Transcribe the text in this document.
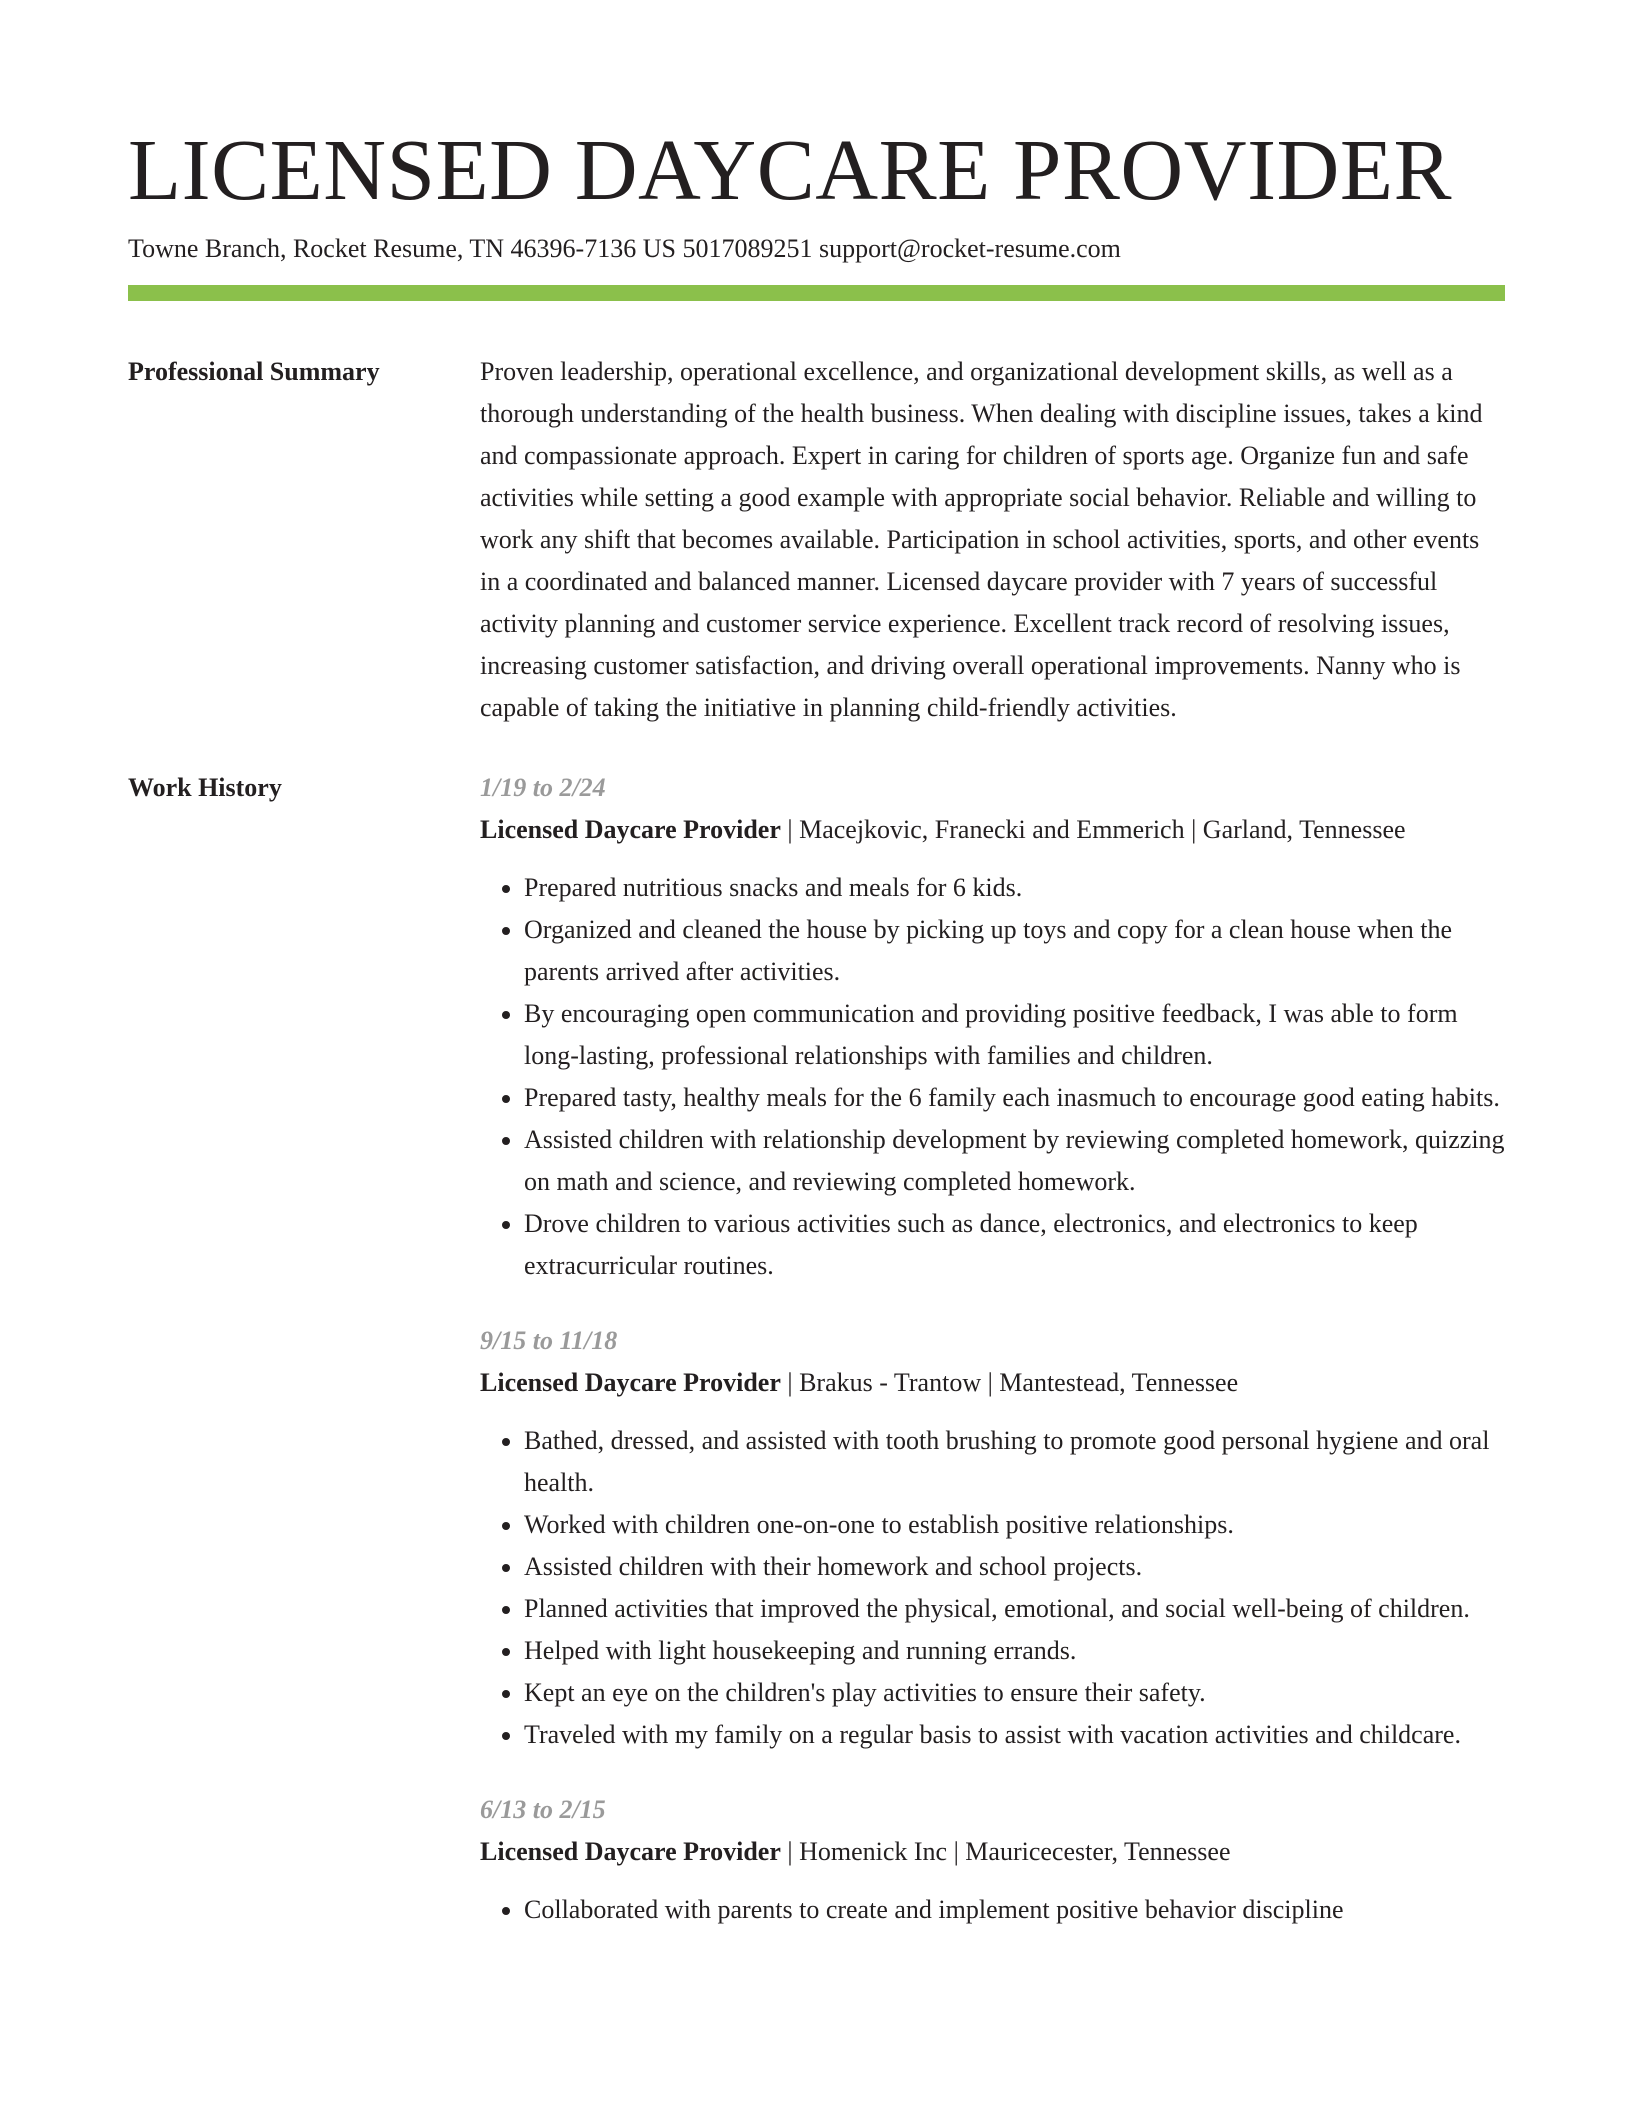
LICENSED DAYCARE PROVIDER
Towne Branch, Rocket Resume, TN 46396-7136 US 5017089251 support@rocket-resume.com
Professional Summary	Proven leadership, operational excellence, and organizational development skills, as well as a thorough understanding of the health business. When dealing with discipline issues, takes a kind and compassionate approach. Expert in caring for children of sports age. Organize fun and safe activities while setting a good example with appropriate social behavior. Reliable and willing to work any shift that becomes available. Participation in school activities, sports, and other events in a coordinated and balanced manner. Licensed daycare provider with 7 years of successful activity planning and customer service experience. Excellent track record of resolving issues, increasing customer satisfaction, and driving overall operational improvements. Nanny who is capable of taking the initiative in planning child-friendly activities.

Work History	1/19 to 2/24
Licensed Daycare Provider | Macejkovic, Franecki and Emmerich | Garland, Tennessee
• Prepared nutritious snacks and meals for 6 kids.
• Organized and cleaned the house by picking up toys and copy for a clean house when the parents arrived after activities.
• By encouraging open communication and providing positive feedback, I was able to form long-lasting, professional relationships with families and children.
• Prepared tasty, healthy meals for the 6 family each inasmuch to encourage good eating habits.
• Assisted children with relationship development by reviewing completed homework, quizzing on math and science, and reviewing completed homework.
• Drove children to various activities such as dance, electronics, and electronics to keep extracurricular routines.
9/15 to 11/18
Licensed Daycare Provider | Brakus - Trantow | Mantestead, Tennessee
• Bathed, dressed, and assisted with tooth brushing to promote good personal hygiene and oral health.
• Worked with children one-on-one to establish positive relationships.
• Assisted children with their homework and school projects.
• Planned activities that improved the physical, emotional, and social well-being of children.
• Helped with light housekeeping and running errands.
• Kept an eye on the children's play activities to ensure their safety.
• Traveled with my family on a regular basis to assist with vacation activities and childcare.
6/13 to 2/15
Licensed Daycare Provider | Homenick Inc | Mauricecester, Tennessee
• Collaborated with parents to create and implement positive behavior discipline
